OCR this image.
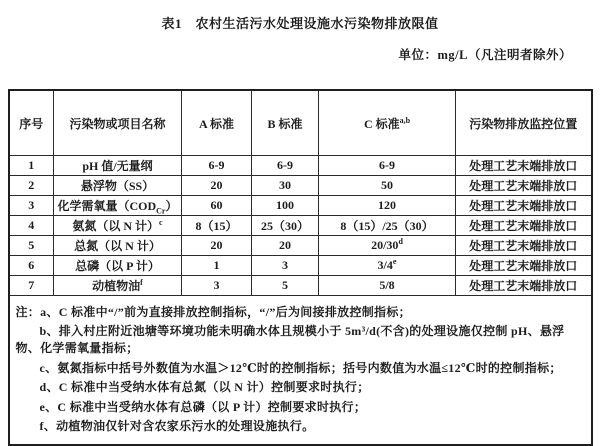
表1　农村生活污水处理设施水污染物排放限值
单位：mg/L（凡注明者除外）
序号	污染物或项目名称	A 标准	B 标准	C 标准$^{a,b}$	污染物排放监控位置
1	pH 值/无量纲	6-9	6-9	6-9	处理工艺末端排放口
2	悬浮物（SS）	20	30	50	处理工艺末端排放口
3	化学需氧量$(COD_{Cr})$	60	100	120	处理工艺末端排放口
4	氨氮（以 N 计）$^c$	8（15）	25（30）	8（15）/25（30）	处理工艺末端排放口
5	总氮（以 N 计）	20	20	20/30$^d$	处理工艺末端排放口
6	总磷（以 P 计）	1	3	3/4e	处理工艺末端排放口
7	动植物油$^f$	3	5	5/8	处理工艺末端排放口

注：a、C 标准中“/”前为直接排放控制指标，“/”后为间接排放控制指标；

b、排入村庄附近池塘等环境功能未明确水体且规模小于 5m³/d(不含)的处理设施仅控制 pH、悬浮物、化学需氧量指标；

c、氨氮指标中括号外数值为水温＞12℃时的控制指标；括号内数值为水温≤12℃时的控制指标；

d、C 标准中当受纳水体有总氮（以 N 计）控制要求时执行；

e、C 标准中当受纳水体有总磷（以 P 计）控制要求时执行；

f、动植物油仅针对含农家乐污水的处理设施执行。
